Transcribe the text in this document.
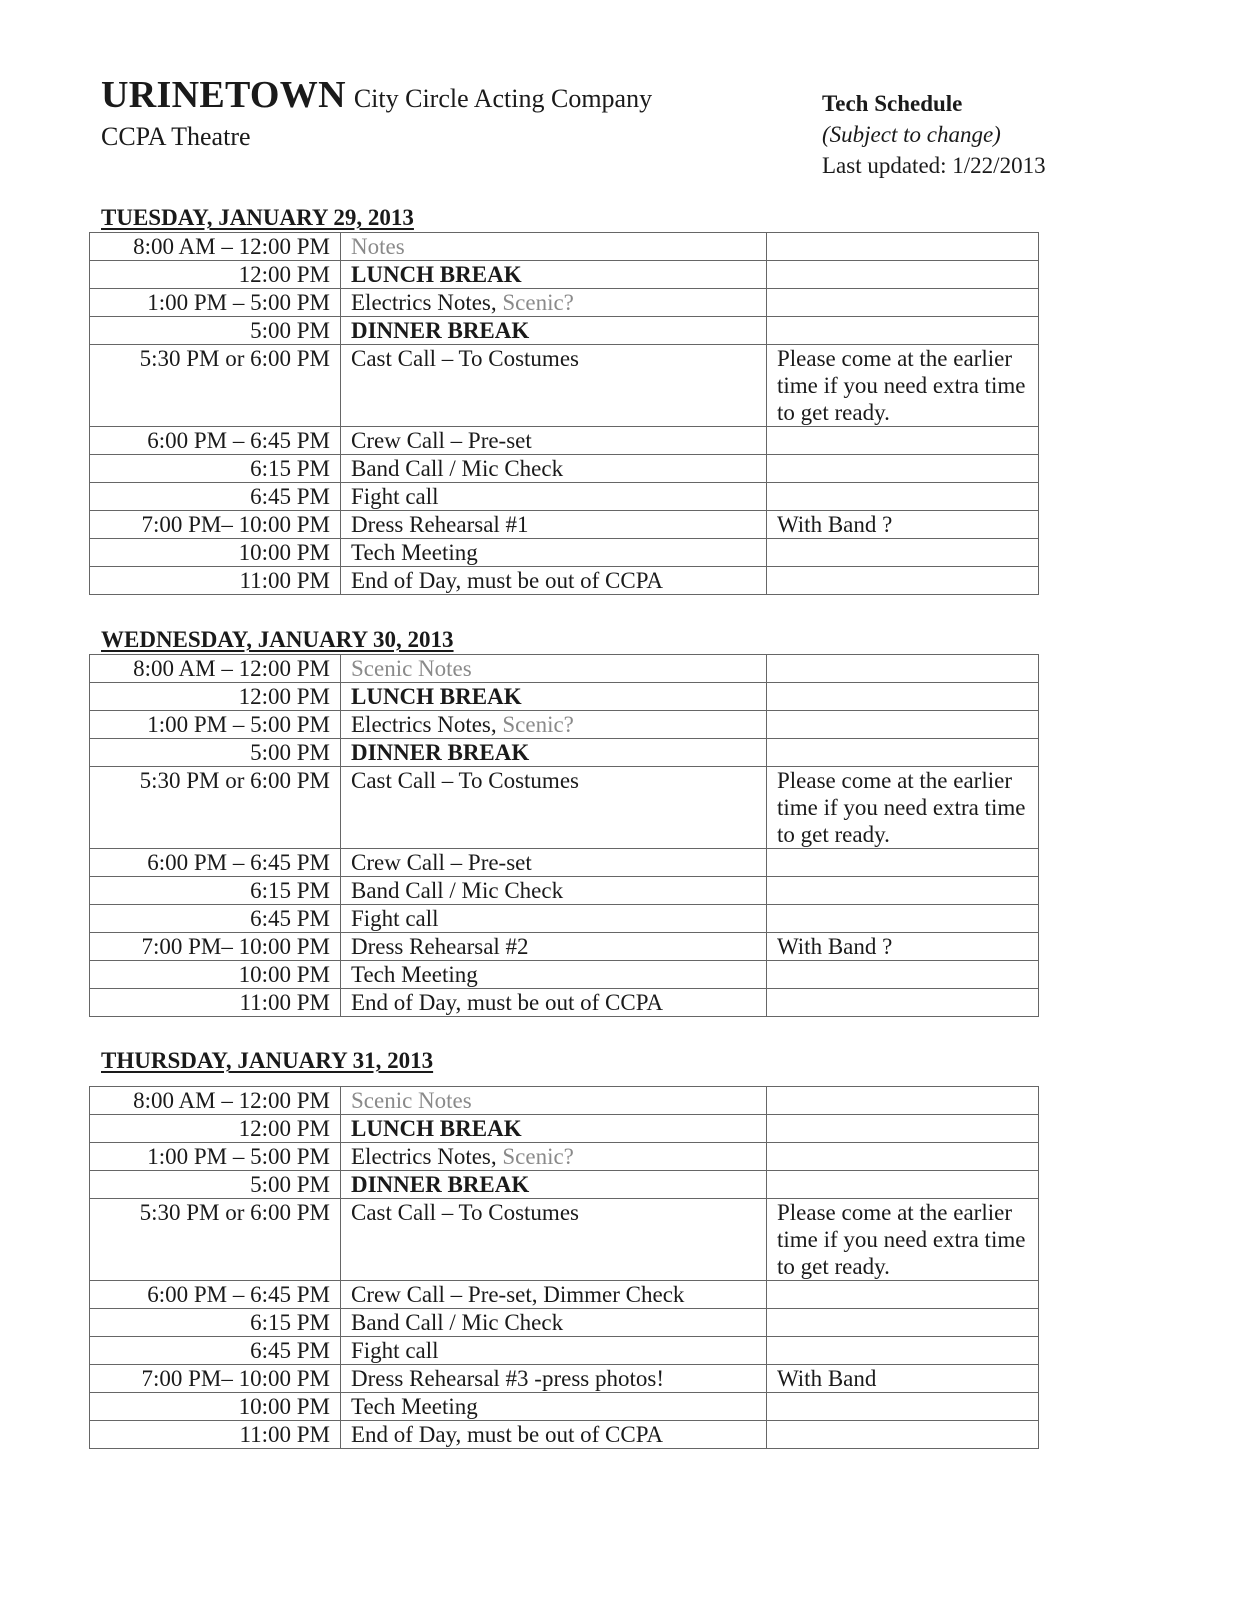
URINETOWN City Circle Acting Company
CCPA Theatre
Tech Schedule
(Subject to change)
Last updated: 1/22/2013
TUESDAY, JANUARY 29, 2013
8:00 AM – 12:00 PM	Notes	
12:00 PM	LUNCH BREAK	
1:00 PM – 5:00 PM	Electrics Notes, Scenic?	
5:00 PM	DINNER BREAK	
5:30 PM or 6:00 PM	Cast Call – To Costumes	Please come at the earlier time if you need extra time to get ready.
6:00 PM – 6:45 PM	Crew Call – Pre-set	
6:15 PM	Band Call / Mic Check	
6:45 PM	Fight call	
7:00 PM– 10:00 PM	Dress Rehearsal #1	With Band ?
10:00 PM	Tech Meeting	
11:00 PM	End of Day, must be out of CCPA	
WEDNESDAY, JANUARY 30, 2013
8:00 AM – 12:00 PM	Scenic Notes	
12:00 PM	LUNCH BREAK	
1:00 PM – 5:00 PM	Electrics Notes, Scenic?	
5:00 PM	DINNER BREAK	
5:30 PM or 6:00 PM	Cast Call – To Costumes	Please come at the earlier time if you need extra time to get ready.
6:00 PM – 6:45 PM	Crew Call – Pre-set	
6:15 PM	Band Call / Mic Check	
6:45 PM	Fight call	
7:00 PM– 10:00 PM	Dress Rehearsal #2	With Band ?
10:00 PM	Tech Meeting	
11:00 PM	End of Day, must be out of CCPA	
THURSDAY, JANUARY 31, 2013
8:00 AM – 12:00 PM	Scenic Notes	
12:00 PM	LUNCH BREAK	
1:00 PM – 5:00 PM	Electrics Notes, Scenic?	
5:00 PM	DINNER BREAK	
5:30 PM or 6:00 PM	Cast Call – To Costumes	Please come at the earlier time if you need extra time to get ready.
6:00 PM – 6:45 PM	Crew Call – Pre-set, Dimmer Check	
6:15 PM	Band Call / Mic Check	
6:45 PM	Fight call	
7:00 PM– 10:00 PM	Dress Rehearsal #3 -press photos!	With Band
10:00 PM	Tech Meeting	
11:00 PM	End of Day, must be out of CCPA	
